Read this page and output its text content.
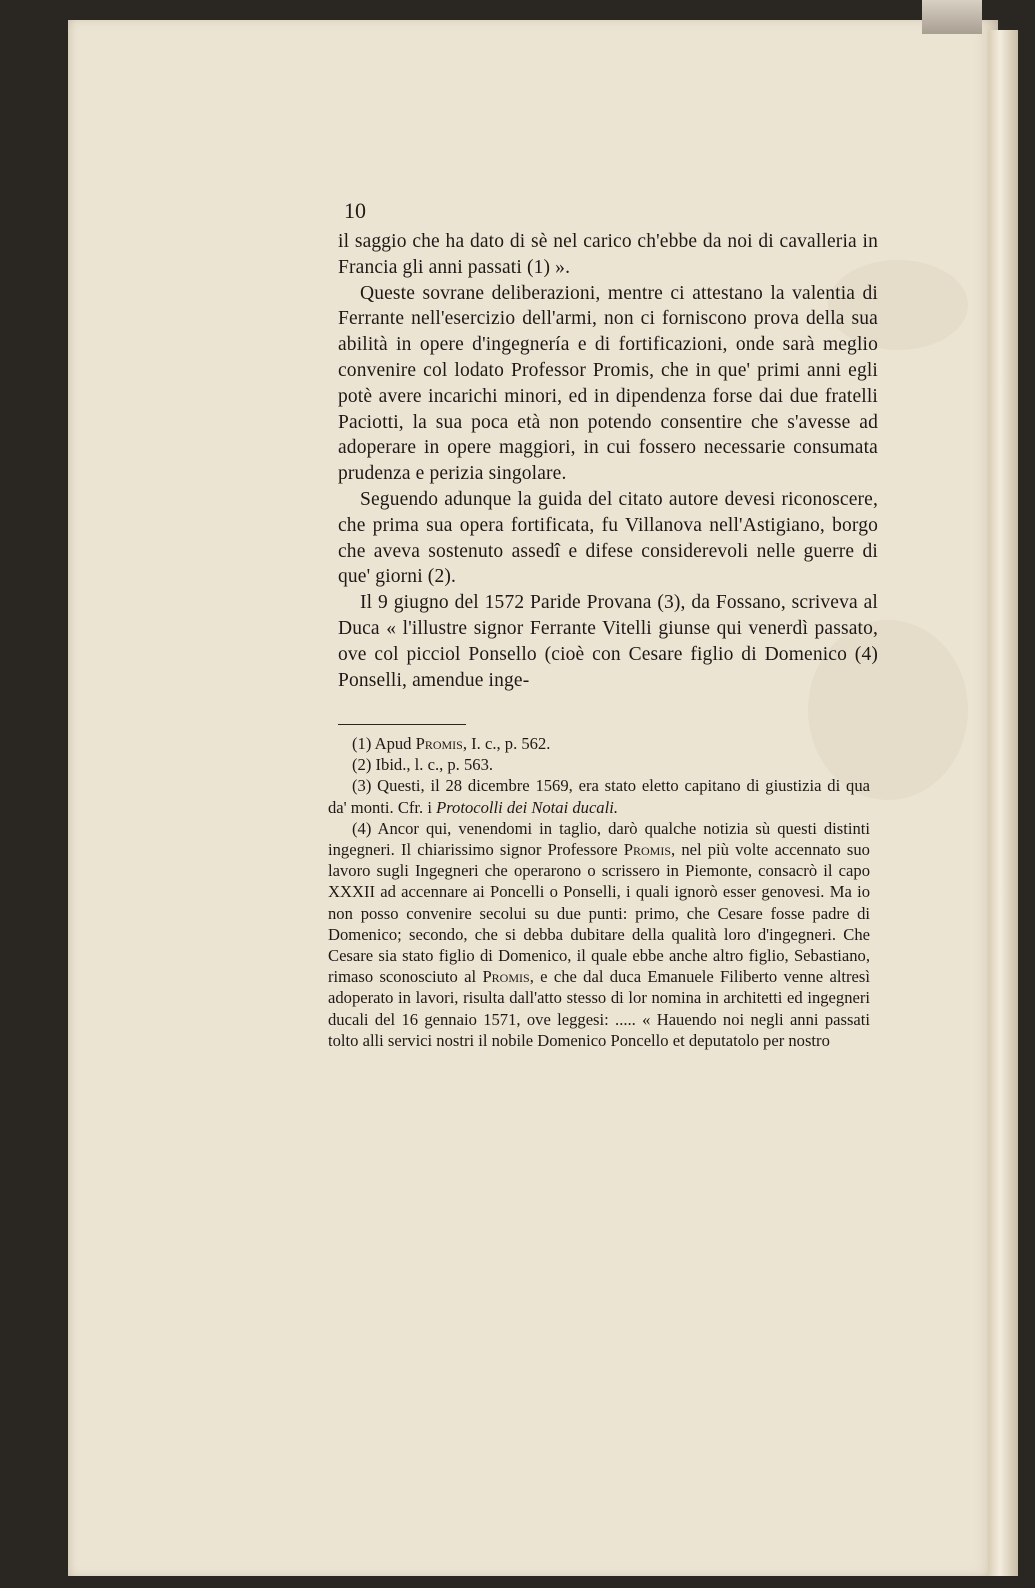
10

il saggio che ha dato di sè nel carico ch'ebbe da noi di cavalleria in Francia gli anni passati (1) ».

Queste sovrane deliberazioni, mentre ci attestano la valentia di Ferrante nell'esercizio dell'armi, non ci forniscono prova della sua abilità in opere d'ingegnería e di fortificazioni, onde sarà meglio convenire col lodato Professor Promis, che in que' primi anni egli potè avere incarichi minori, ed in dipendenza forse dai due fratelli Paciotti, la sua poca età non potendo consentire che s'avesse ad adoperare in opere maggiori, in cui fossero necessarie consumata prudenza e perizia singolare.

Seguendo adunque la guida del citato autore devesi riconoscere, che prima sua opera fortificata, fu Villanova nell'Astigiano, borgo che aveva sostenuto assedî e difese considerevoli nelle guerre di que' giorni (2).

Il 9 giugno del 1572 Paride Provana (3), da Fossano, scriveva al Duca « l'illustre signor Ferrante Vitelli giunse qui venerdì passato, ove col picciol Ponsello (cioè con Cesare figlio di Domenico (4) Ponselli, amendue inge-

(1) Apud Promis, I. c., p. 562.

(2) Ibid., l. c., p. 563.

(3) Questi, il 28 dicembre 1569, era stato eletto capitano di giustizia di qua da' monti. Cfr. i Protocolli dei Notai ducali.

(4) Ancor qui, venendomi in taglio, darò qualche notizia sù questi distinti ingegneri. Il chiarissimo signor Professore Promis, nel più volte accennato suo lavoro sugli Ingegneri che operarono o scrissero in Piemonte, consacrò il capo XXXII ad accennare ai Poncelli o Ponselli, i quali ignorò esser genovesi. Ma io non posso convenire secolui su due punti: primo, che Cesare fosse padre di Domenico; secondo, che si debba dubitare della qualità loro d'ingegneri. Che Cesare sia stato figlio di Domenico, il quale ebbe anche altro figlio, Sebastiano, rimaso sconosciuto al Promis, e che dal duca Emanuele Filiberto venne altresì adoperato in lavori, risulta dall'atto stesso di lor nomina in architetti ed ingegneri ducali del 16 gennaio 1571, ove leggesi: ..... « Hauendo noi negli anni passati tolto alli servici nostri il nobile Domenico Poncello et deputatolo per nostro
